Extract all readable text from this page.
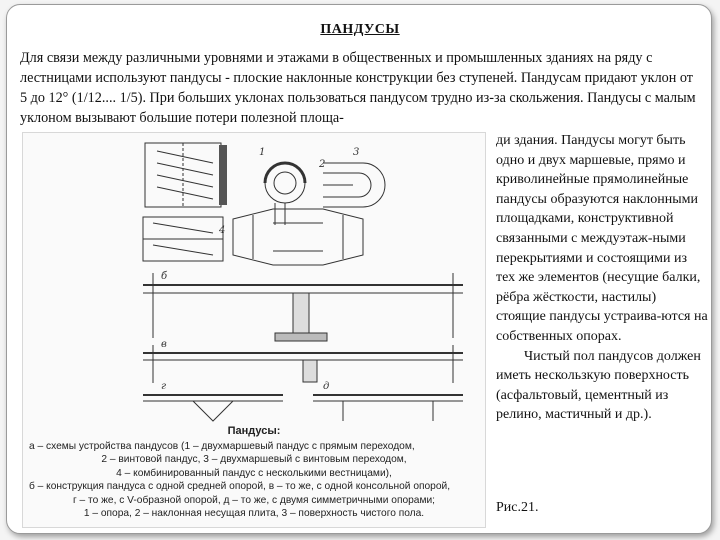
ПАНДУСЫ
Для связи между различными уровнями и этажами в общественных и промышленных зданиях на ряду с лестницами используют пандусы - плоские наклонные конструкции без ступеней. Пандусам придают уклон от 5 до 12° (1/12.... 1/5). При больших уклонах пользоваться пандусом трудно из-за скольжения. Пандусы с малым уклоном вызывают большие потери полезной площа-
1
2
3
4
б
в
г	д
Пандусы:
а – схемы устройства пандусов (1 – двухмаршевый пандус с прямым переходом,
2 – винтовой пандус, 3 – двухмаршевый с винтовым переходом,
4 – комбинированный пандус с несколькими вестницами),
б – конструкция пандуса с одной средней опорой, в – то же, с одной консольной опорой,
г – то же, с V-образной опорой, д – то же, с двумя симметричными опорами;
1 – опора, 2 – наклонная несущая плита, 3 – поверхность чистого пола.

ди здания. Пандусы могут быть одно и двух маршевые, прямо и криволинейные прямолинейные пандусы образуются наклонными площадками, конструктивной связанными с междуэтаж-ными перекрытиями и состоящими из тех же элементов (несущие балки, рёбра жёсткости, настилы) стоящие пандусы устраива-ются на собственных опорах.

Чистый пол пандусов должен иметь нескользкую поверхность (асфальтовый, цементный из релино, мастичный и др.).

Рис.21.
